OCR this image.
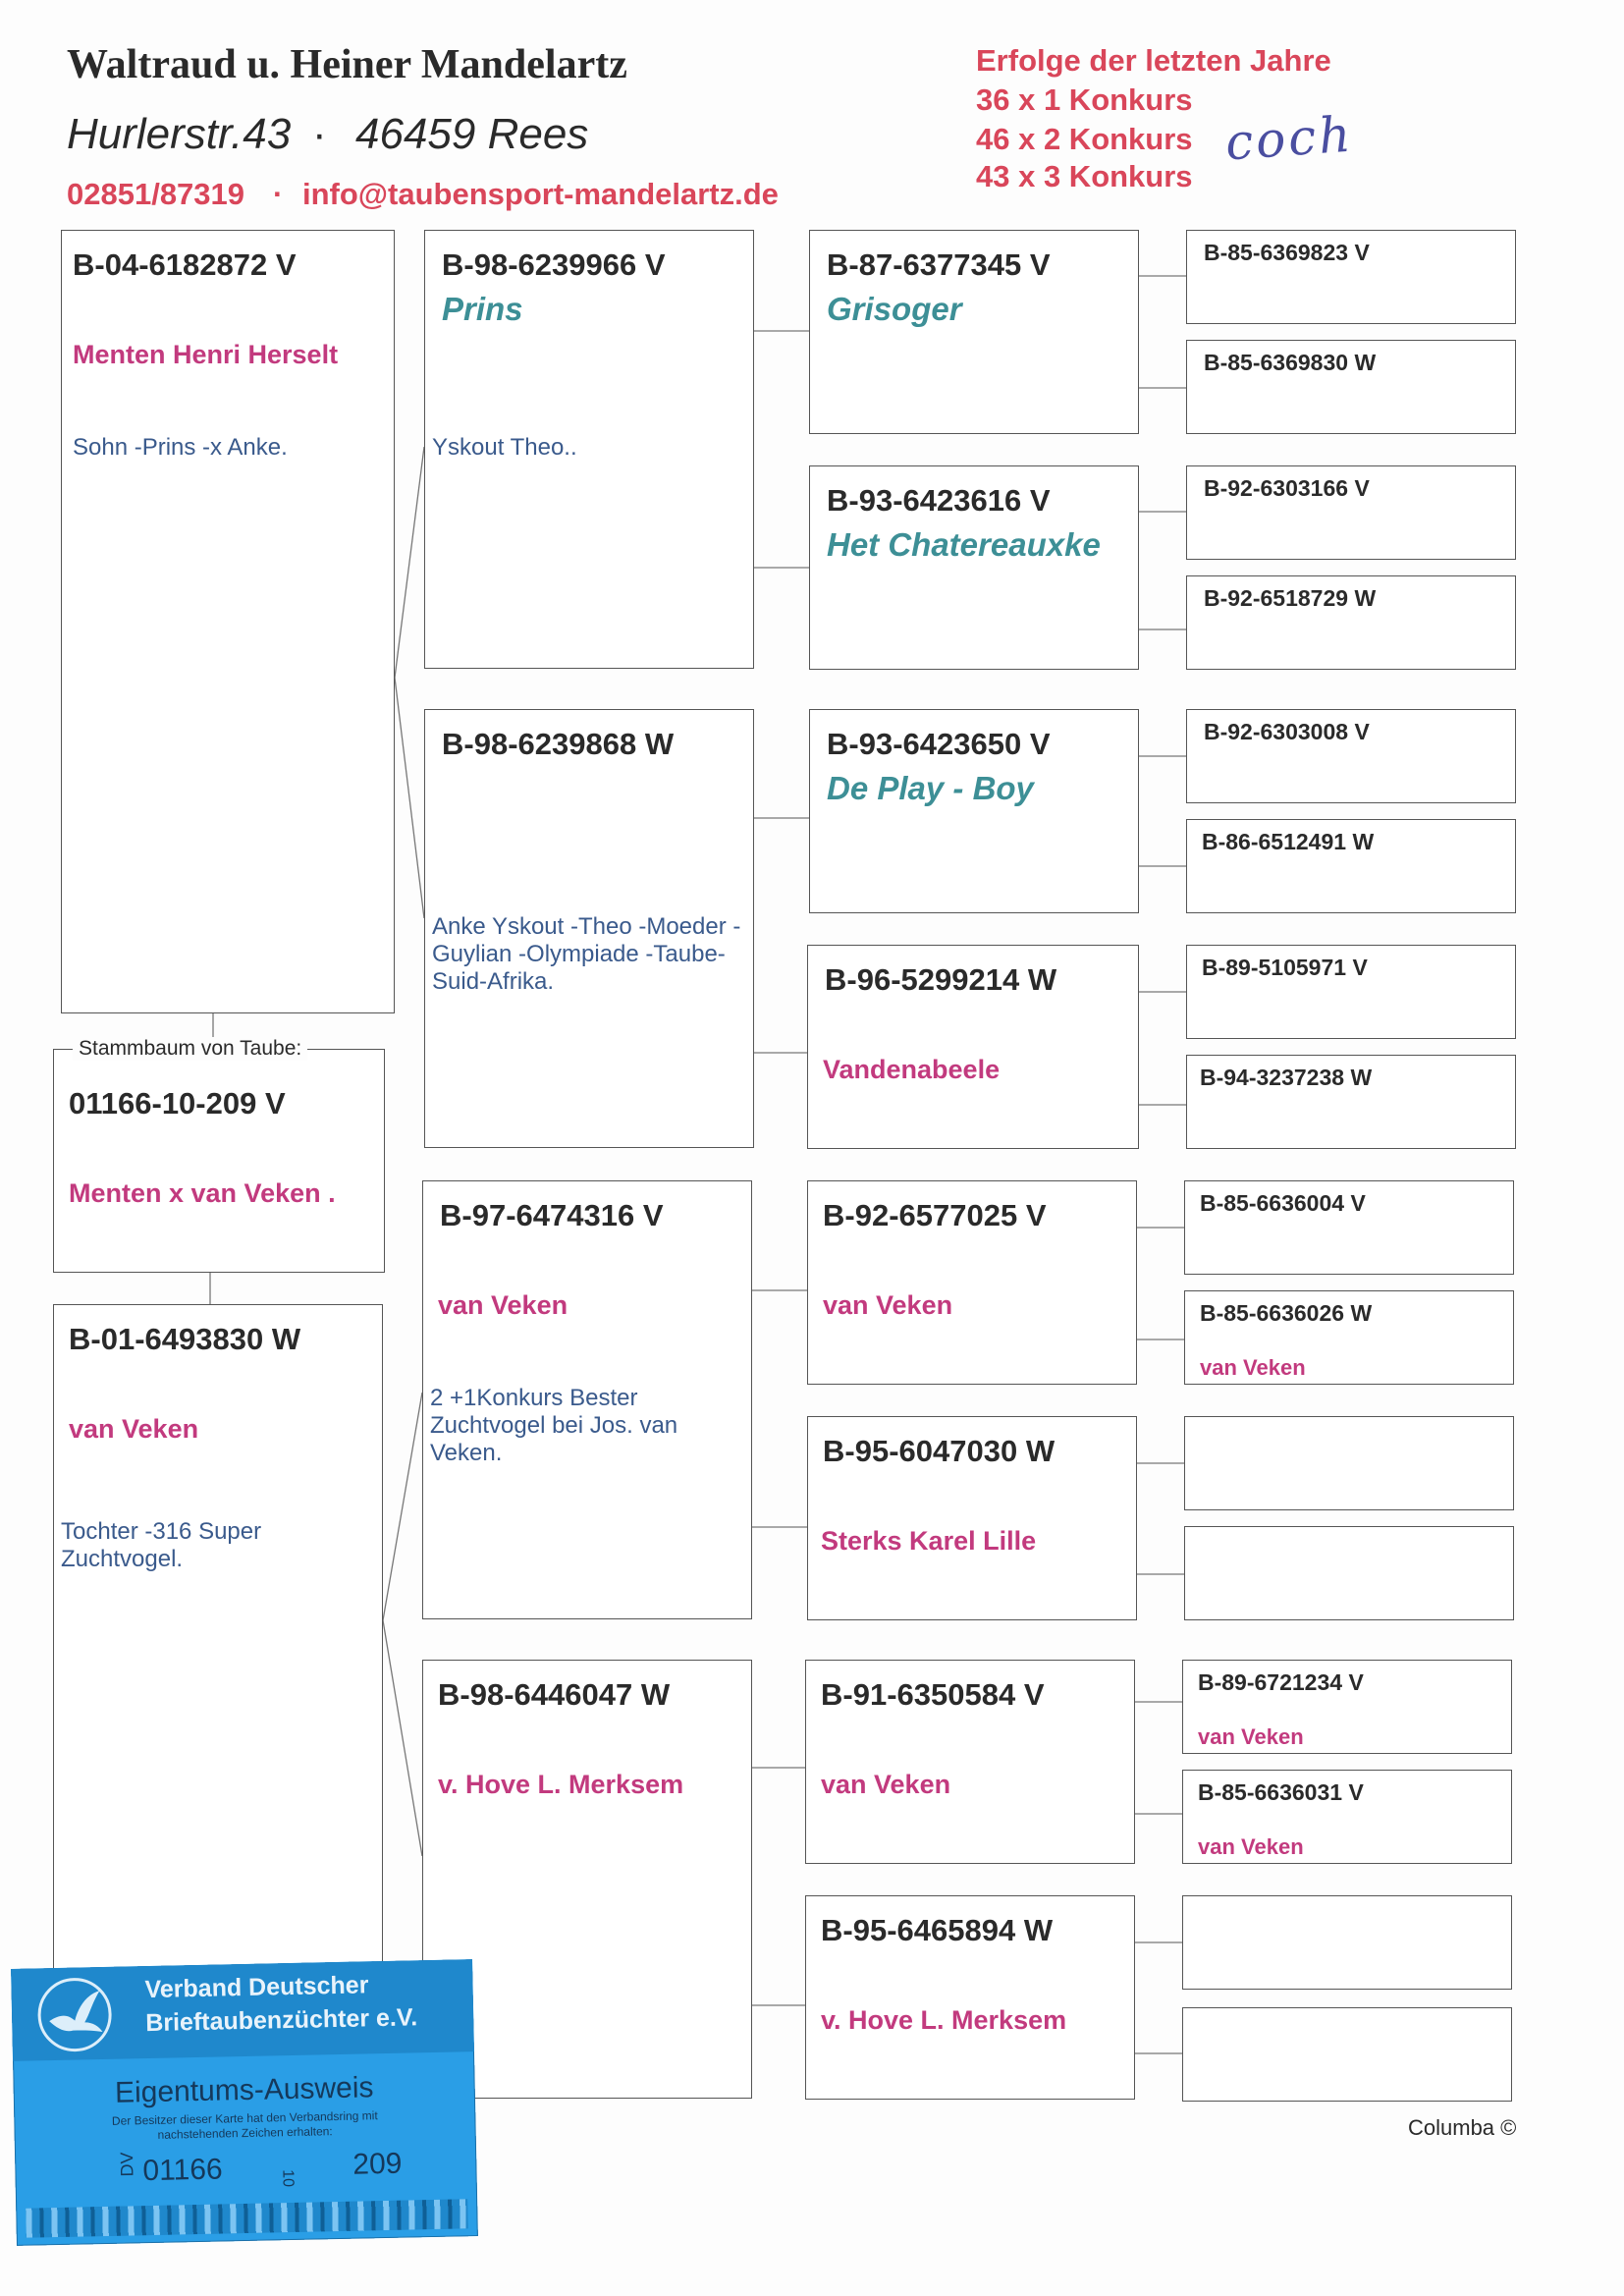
Waltraud u. Heiner Mandelartz
Hurlerstr.43 · 46459 Rees
02851/87319 · info@taubensport-mandelartz.de
Erfolge der letzten Jahre
36 x 1 Konkurs
46 x 2 Konkurs
43 x 3 Konkurs
coch
B-04-6182872 V
Menten Henri Herselt
Sohn -Prins -x Anke.
Stammbaum von Taube:
01166-10-209 V
Menten x van Veken .
B-01-6493830 W
van Veken
Tochter -316 Super Zuchtvogel.
B-98-6239966 V
Prins
Yskout Theo..
B-98-6239868 W
Anke Yskout -Theo -Moeder -Guylian -Olympiade -Taube-Suid-Afrika.
B-97-6474316 V
van Veken
2 +1Konkurs Bester Zuchtvogel bei Jos. van Veken.
B-98-6446047 W
v. Hove L. Merksem
B-87-6377345 V
Grisoger
B-93-6423616 V
Het Chatereauxke
B-93-6423650 V
De Play - Boy
B-96-5299214 W
Vandenabeele
B-92-6577025 V
van Veken
B-95-6047030 W
Sterks Karel Lille
B-91-6350584 V
van Veken
B-95-6465894 W
v. Hove L. Merksem
B-85-6369823 V
B-85-6369830 W
B-92-6303166 V
B-92-6518729 W
B-92-6303008 V
B-86-6512491 W
B-89-5105971 V
B-94-3237238 W
B-85-6636004 V
B-85-6636026 W
van Veken
B-89-6721234 V
van Veken
B-85-6636031 V
van Veken
Columba ©
Verband Deutscher
Brieftaubenzüchter e.V.
Eigentums-Ausweis
Der Besitzer dieser Karte hat den Verbandsring mit nachstehenden Zeichen erhalten:
DV 01166	10 209
